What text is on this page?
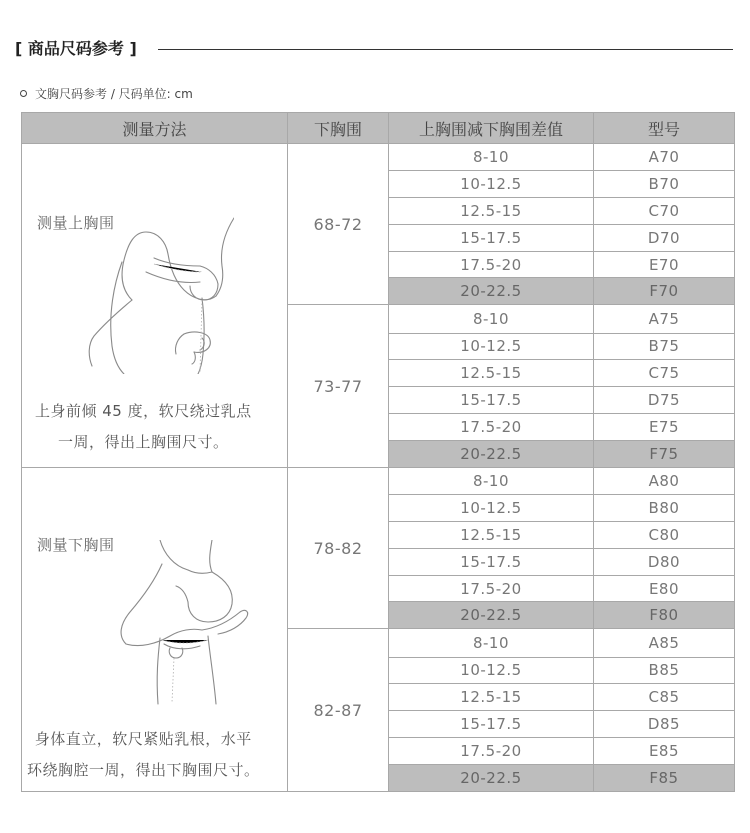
[ 商品尺码参考 ]
文胸尺码参考 / 尺码单位: cm
测量方法	下胸围	上胸围减下胸围差值	型号

测量上胸围
上身前倾 45 度，软尺绕过乳点
一周，得出上胸围尺寸。	68-72	8-10	A70
		10-12.5	B70
		12.5-15	C70
		15-17.5	D70
		17.5-20	E70
		20-22.5	F70
	73-77	8-10	A75
		10-12.5	B75
		12.5-15	C75
		15-17.5	D75
		17.5-20	E75
		20-22.5	F75

测量下胸围
身体直立，软尺紧贴乳根，水平
环绕胸腔一周，得出下胸围尺寸。	78-82	8-10	A80
		10-12.5	B80
		12.5-15	C80
		15-17.5	D80
		17.5-20	E80
		20-22.5	F80
	82-87	8-10	A85
		10-12.5	B85
		12.5-15	C85
		15-17.5	D85
		17.5-20	E85
		20-22.5	F85
